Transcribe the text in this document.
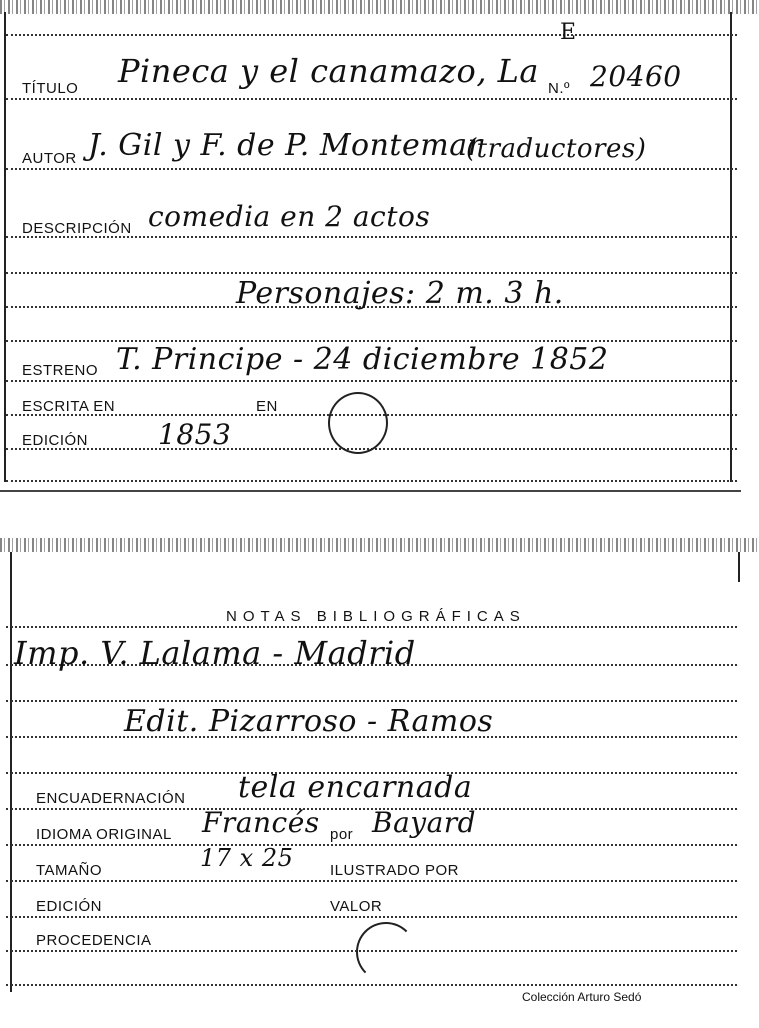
TÍTULO Pineca y el canamazo, La N.º
E
20460
AUTOR J. Gil y F. de P. Montemar
(traductores)
DESCRIPCIÓN comedia en 2 actos
Personajes: 2 m. 3 h.
ESTRENO T. Principe - 24 diciembre 1852
ESCRITA EN	EN
EDICIÓN 1853
NOTAS BIBLIOGRÁFICAS
Imp. V. Lalama - Madrid
Edit. Pizarroso - Ramos
ENCUADERNACIÓN tela encarnada
IDIOMA ORIGINAL Francés por Bayard
TAMAÑO	17 x 25 ILUSTRADO POR
EDICIÓN	VALOR
PROCEDENCIA
Colección Arturo Sedó
